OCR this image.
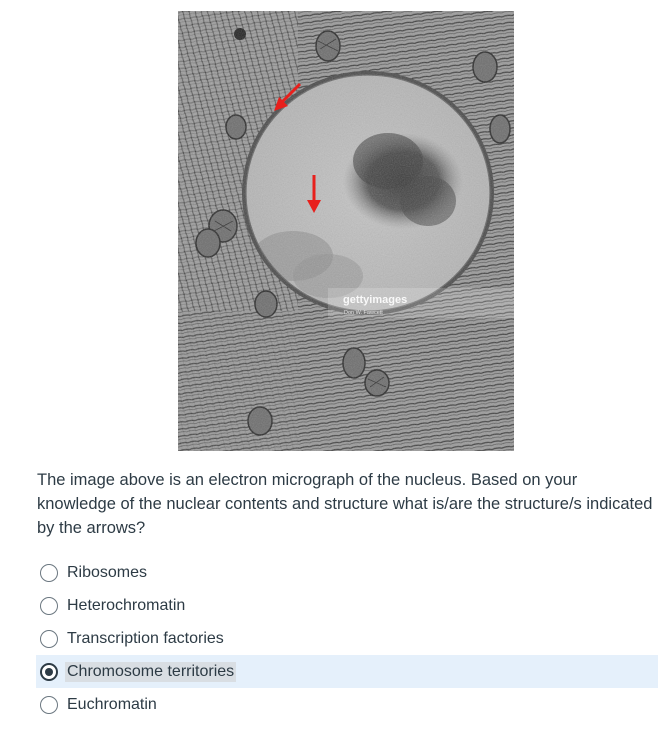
gettyimages
Don W. Fawcett

The image above is an electron micrograph of the nucleus. Based on your knowledge of the nuclear contents and structure what is/are the structure/s indicated by the arrows?

Ribosomes
Heterochromatin
Transcription factories
Chromosome territories
Euchromatin
